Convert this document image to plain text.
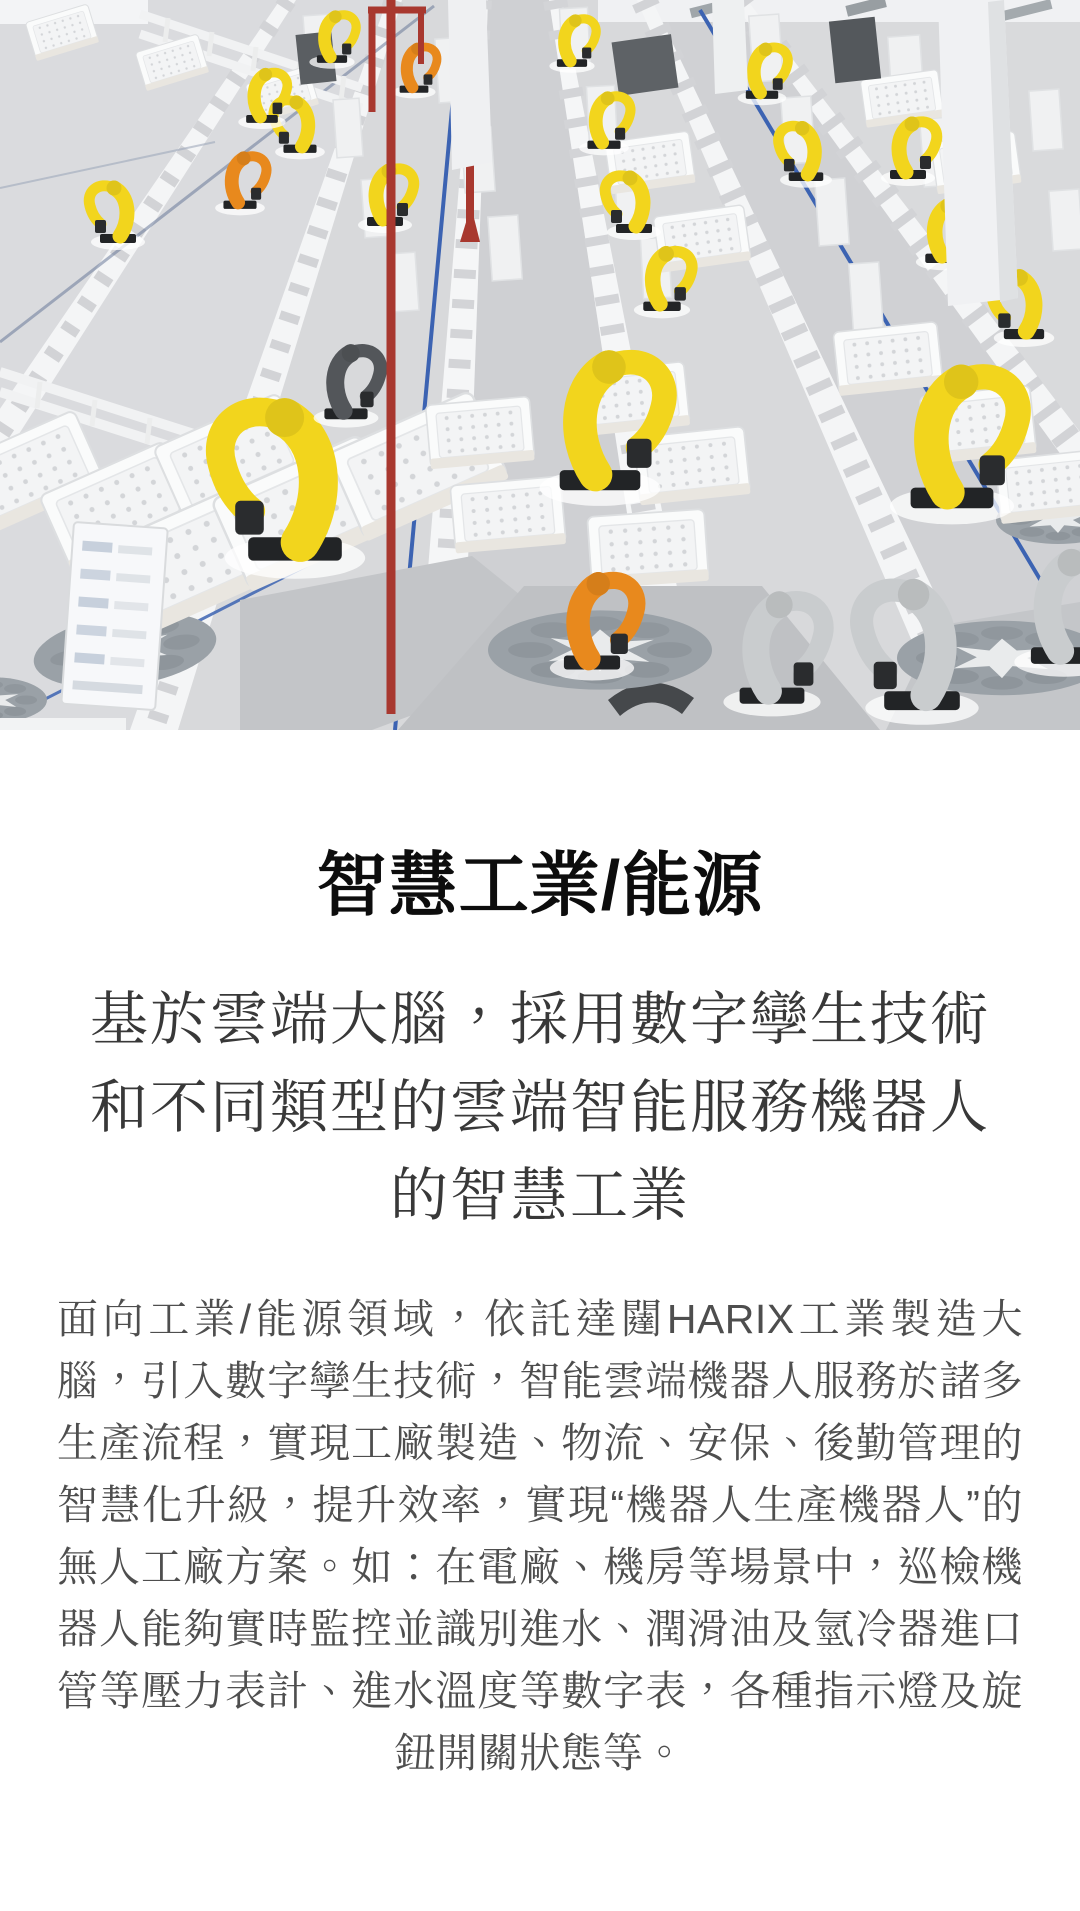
智慧工業/能源
基於雲端大腦，採用數字孿生技術
和不同類型的雲端智能服務機器人
的智慧工業

面向工業/能源領域，依託達闥HARIX工業製造大腦，引入數字孿生技術，智能雲端機器人服務於諸多生產流程，實現工廠製造、物流、安保、後勤管理的智慧化升級，提升效率，實現“機器人生產機器人”的無人工廠方案。如：在電廠、機房等場景中，巡檢機器人能夠實時監控並識別進水、潤滑油及氫冷器進口管等壓力表計、進水溫度等數字表，各種指示燈及旋鈕開關狀態等。
